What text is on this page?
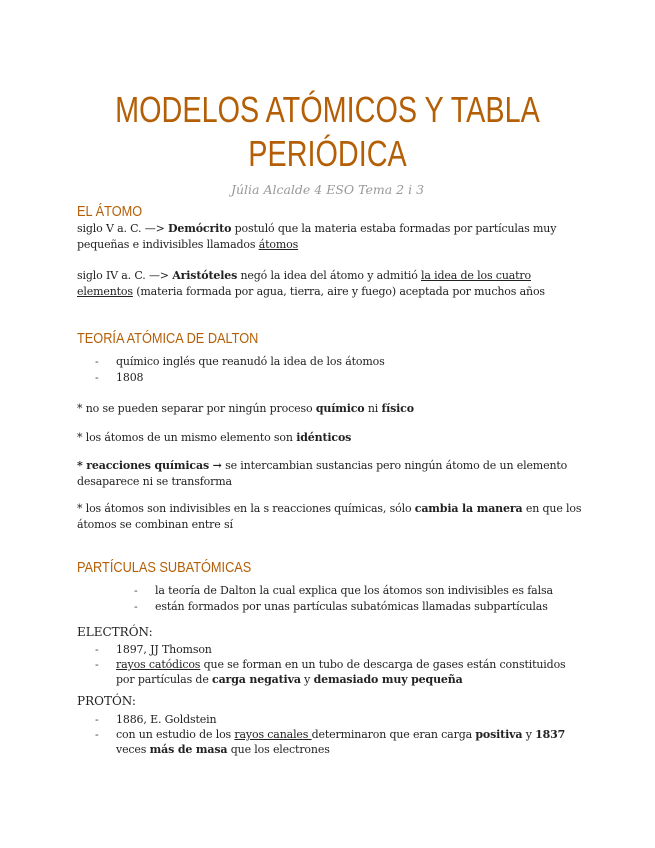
MODELOS ATÓMICOS Y TABLA
PERIÓDICA
Júlia Alcalde 4 ESO Tema 2 i 3
EL ÁTOMO
siglo V a. C. —> Demócrito postuló que la materia estaba formadas por partículas muy pequeñas e indivisibles llamados átomos
siglo IV a. C. —> Aristóteles negó la idea del átomo y admitió la idea de los cuatro elementos (materia formada por agua, tierra, aire y fuego) aceptada por muchos años
TEORÍA ATÓMICA DE DALTON
- químico inglés que reanudó la idea de los átomos
- 1808
* no se pueden separar por ningún proceso químico ni físico
* los átomos de un mismo elemento son idénticos
* reacciones químicas → se intercambian sustancias pero ningún átomo de un elemento desaparece ni se transforma
* los átomos son indivisibles en la s reacciones químicas, sólo cambia la manera en que los átomos se combinan entre sí
PARTÍCULAS SUBATÓMICAS
- la teoría de Dalton la cual explica que los átomos son indivisibles es falsa
- están formados por unas partículas subatómicas llamadas subpartículas
ELECTRÓN:
- 1897, JJ Thomson
- rayos catódicos que se forman en un tubo de descarga de gases están constituidos por partículas de carga negativa y demasiado muy pequeña
PROTÓN:
- 1886, E. Goldstein
- con un estudio de los rayos canales determinaron que eran carga positiva y 1837 veces más de masa que los electrones
